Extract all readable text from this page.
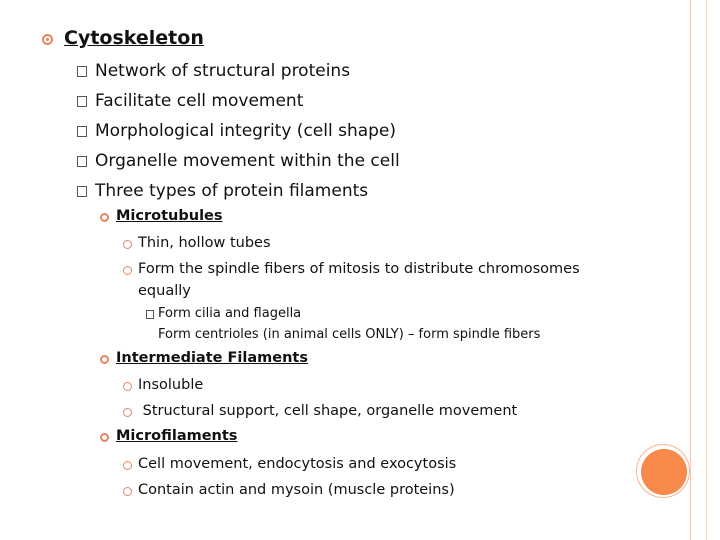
Cytoskeleton
Network of structural proteins
Facilitate cell movement
Morphological integrity (cell shape)
Organelle movement within the cell
Three types of protein filaments
Microtubules
Thin, hollow tubes
Form the spindle fibers of mitosis to distribute chromosomes
equally
Form cilia and flagella
Form centrioles (in animal cells ONLY) – form spindle fibers
Intermediate Filaments
Insoluble
Structural support, cell shape, organelle movement
Microfilaments
Cell movement, endocytosis and exocytosis
Contain actin and mysoin (muscle proteins)
